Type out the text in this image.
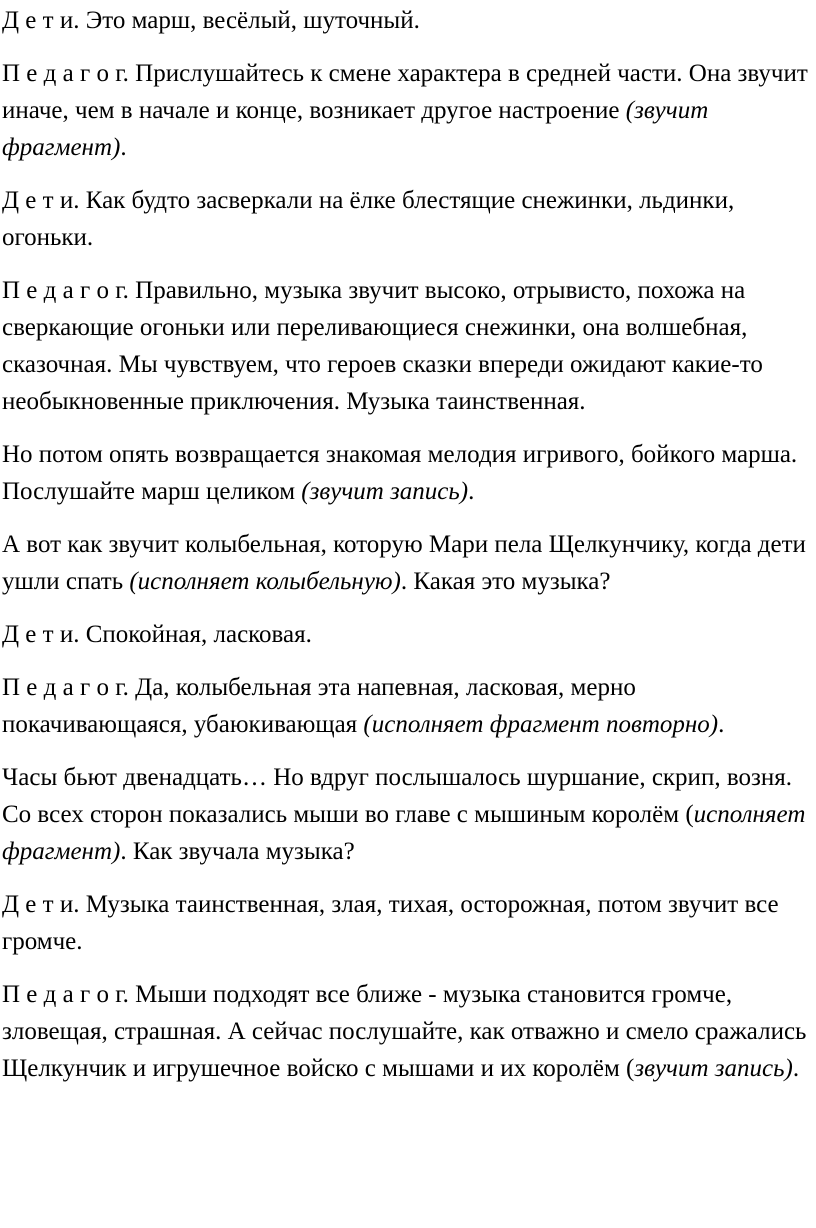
Д е т и. Это марш, весёлый, шуточный.

П е д а г о г. Прислушайтесь к смене характера в средней части. Она звучит иначе, чем в начале и конце, возникает другое настроение (звучит фрагмент).

Д е т и. Как будто засверкали на ёлке блестящие снежинки, льдинки, огоньки.

П е д а г о г. Правильно, музыка звучит высоко, отрывисто, похожа на сверкающие огоньки или переливающиеся снежинки, она волшебная, сказочная. Мы чувствуем, что героев сказки впереди ожидают какие-то необыкновенные приключения. Музыка таинственная.

Но потом опять возвращается знакомая мелодия игривого, бойкого марша. Послушайте марш целиком (звучит запись).

А вот как звучит колыбельная, которую Мари пела Щелкунчику, когда дети ушли спать (исполняет колыбельную). Какая это музыка?

Д е т и. Спокойная, ласковая.

П е д а г о г. Да, колыбельная эта напевная, ласковая, мерно покачивающаяся, убаюкивающая (исполняет фрагмент повторно).

Часы бьют двенадцать… Но вдруг послышалось шуршание, скрип, возня. Со всех сторон показались мыши во главе с мышиным королём (исполняет фрагмент). Как звучала музыка?

Д е т и. Музыка таинственная, злая, тихая, осторожная, потом звучит все громче.

П е д а г о г. Мыши подходят все ближе - музыка становится громче, зловещая, страшная. А сейчас послушайте, как отважно и смело сражались Щелкунчик и игрушечное войско с мышами и их королём (звучит запись).
